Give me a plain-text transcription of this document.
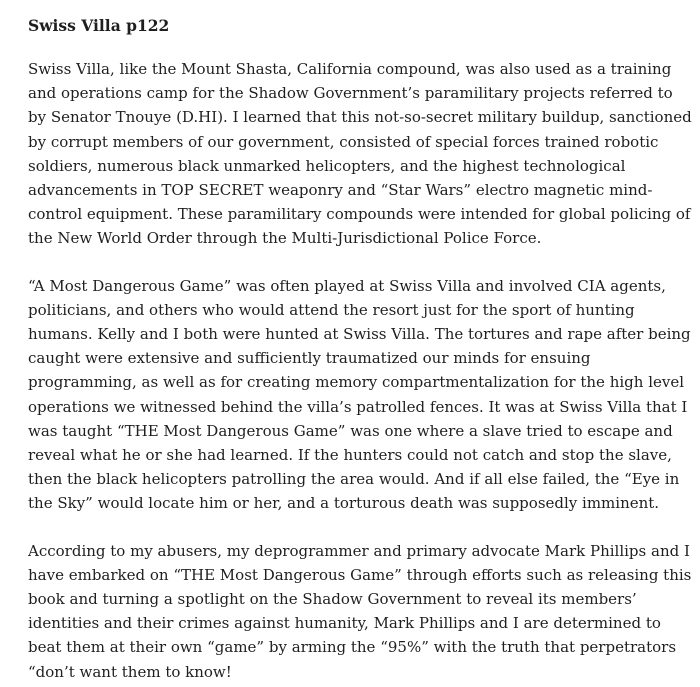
Swiss Villa p122

Swiss Villa, like the Mount Shasta, California compound, was also used as a training and operations camp for the Shadow Government’s paramilitary projects referred to by Senator Tnouye (D.HI). I learned that this not-so-secret military buildup, sanctioned by corrupt members of our government, consisted of special forces trained robotic soldiers, numerous black unmarked helicopters, and the highest technological advancements in TOP SECRET weaponry and “Star Wars” electro magnetic mind-control equipment. These paramilitary compounds were intended for global policing of the New World Order through the Multi-Jurisdictional Police Force.

“A Most Dangerous Game” was often played at Swiss Villa and involved CIA agents, politicians, and others who would attend the resort just for the sport of hunting humans. Kelly and I both were hunted at Swiss Villa. The tortures and rape after being caught were extensive and sufficiently traumatized our minds for ensuing programming, as well as for creating memory compartmentalization for the high level operations we witnessed behind the villa’s patrolled fences. It was at Swiss Villa that I was taught “THE Most Dangerous Game” was one where a slave tried to escape and reveal what he or she had learned. If the hunters could not catch and stop the slave, then the black helicopters patrolling the area would. And if all else failed, the “Eye in the Sky” would locate him or her, and a torturous death was supposedly imminent.

According to my abusers, my deprogrammer and primary advocate Mark Phillips and I have embarked on “THE Most Dangerous Game” through efforts such as releasing this book and turning a spotlight on the Shadow Government to reveal its members’ identities and their crimes against humanity, Mark Phillips and I are determined to beat them at their own “game” by arming the “95%” with the truth that perpetrators “don’t want them to know!
